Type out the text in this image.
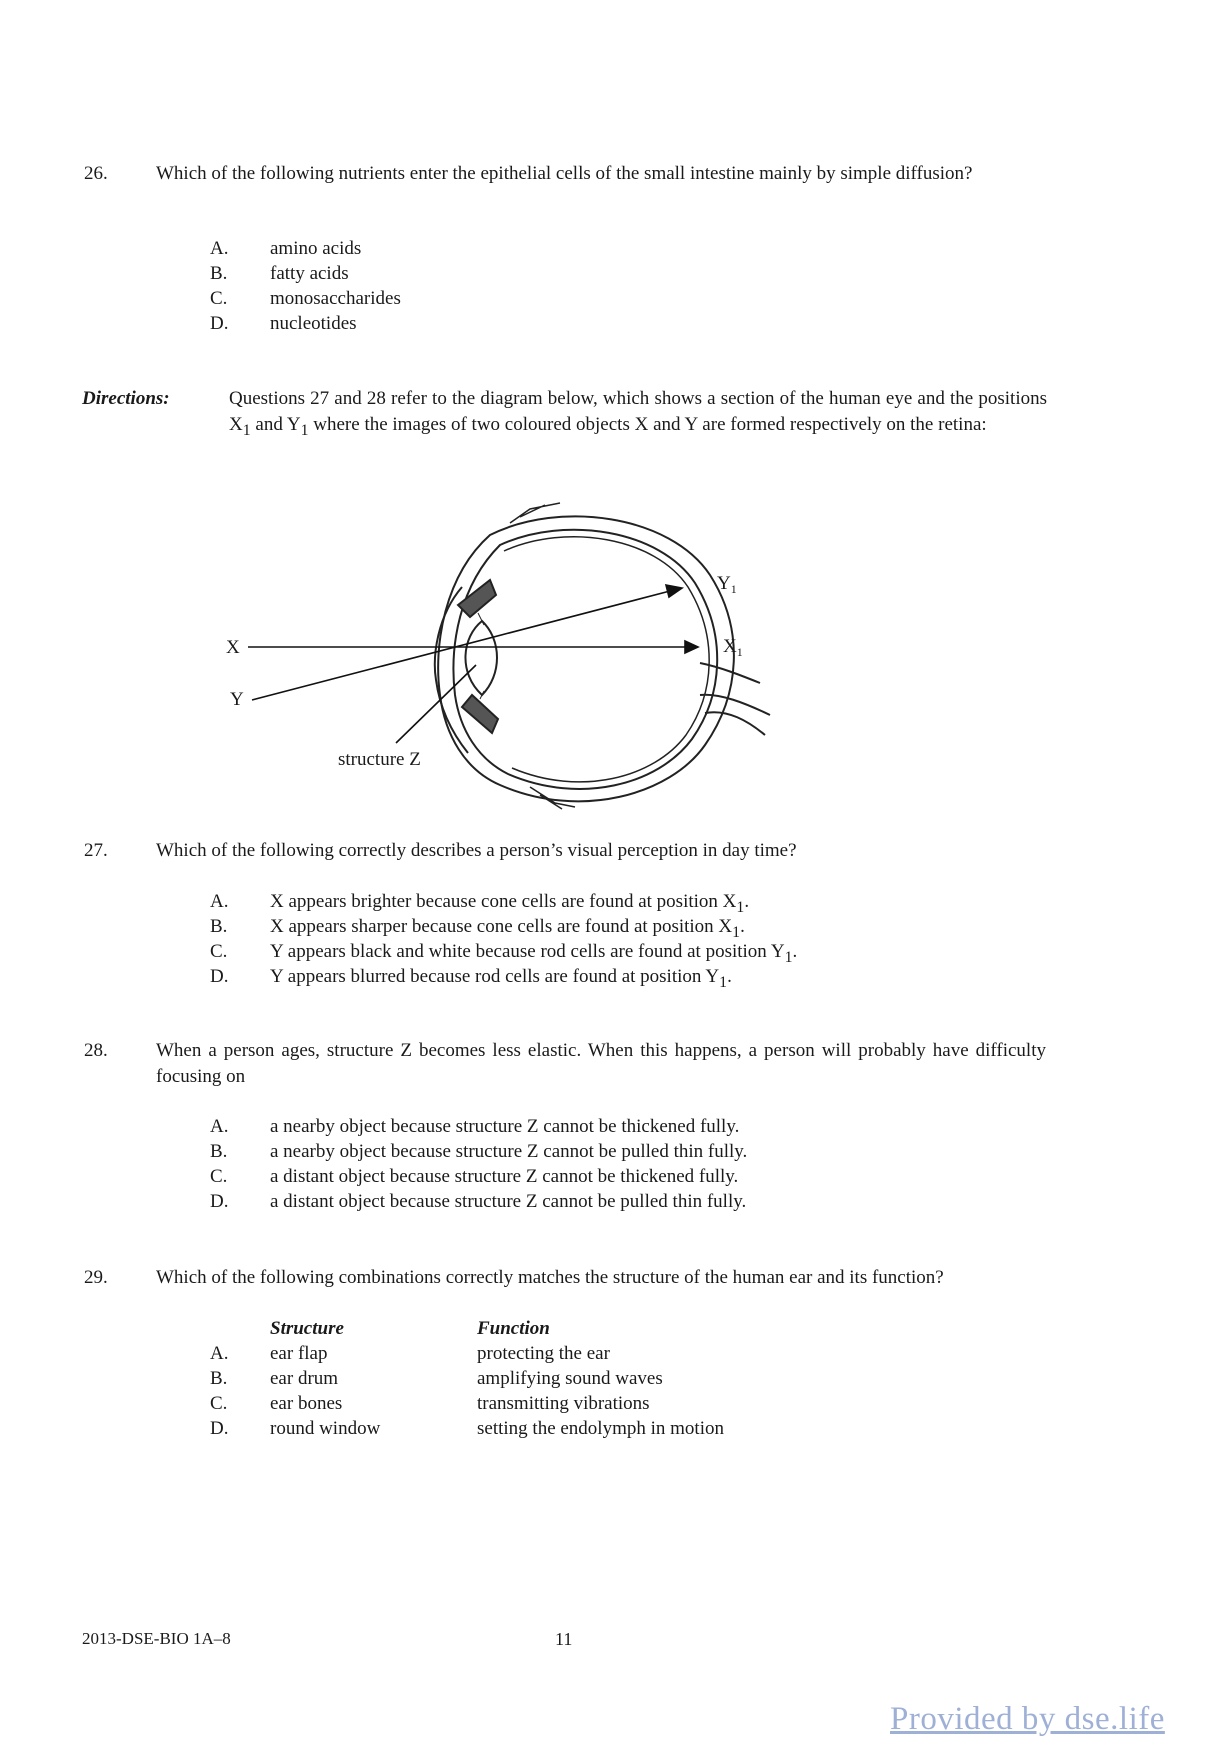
26.	Which of the following nutrients enter the epithelial cells of the small intestine mainly by simple diffusion?
A.	amino acids
B.	fatty acids
C.	monosaccharides
D.	nucleotides
Directions:	Questions 27 and 28 refer to the diagram below, which shows a section of the human eye and the positions $X_1$ and $Y_1$ where the images of two coloured objects X and Y are formed respectively on the retina:
X
Y
$Y_1$
$X_1$
structure Z
27.	Which of the following correctly describes a person’s visual perception in day time?
A.	X appears brighter because cone cells are found at position $X_1$.
B.	X appears sharper because cone cells are found at position $X_1$.
C.	Y appears black and white because rod cells are found at position $Y_1$.
D.	Y appears blurred because rod cells are found at position $Y_1$.
28.	When a person ages, structure Z becomes less elastic. When this happens, a person will probably have difficulty focusing on
A.	a nearby object because structure Z cannot be thickened fully.
B.	a nearby object because structure Z cannot be pulled thin fully.
C.	a distant object because structure Z cannot be thickened fully.
D.	a distant object because structure Z cannot be pulled thin fully.
29.	Which of the following combinations correctly matches the structure of the human ear and its function?
Structure	Function
A.	ear flap	protecting the ear
B.	ear drum	amplifying sound waves
C.	ear bones	transmitting vibrations
D.	round window	setting the endolymph in motion
2013-DSE-BIO 1A–8	11
Provided by dse.life
